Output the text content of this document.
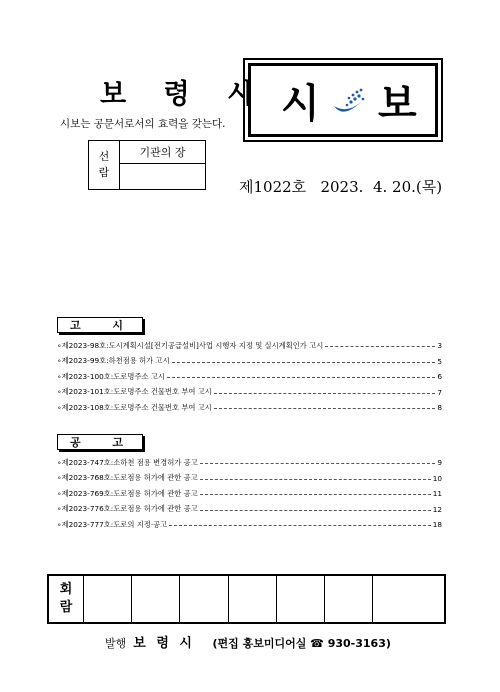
보 령 시
시보는 공문서로서의 효력을 갖는다. 시 보
선
람	기관의 장

제1022호 2023.  4. 20.(목)
고 시
∘제2023-98호:도시계획시설[전기공급설비]사업 시행자 지정 및 실시계획인가 고시	3
∘제2023-99호:하천점용 허가 고시	5
∘제2023-100호:도로명주소 고시	6
∘제2023-101호:도로명주소 건물번호 부여 고시	7
∘제2023-108호:도로명주소 건물번호 부여 고시	8
공 고
∘제2023-747호:소하천 점용 변경허가 공고	9
∘제2023-768호:도로점용 허가에 관한 공고	10
∘제2023-769호:도로점용 허가에 관한 공고	11
∘제2023-776호:도로점용 허가에 관한 공고	12
∘제2023-777호:도로의 지정·공고	18
회
람							
발행 보 령 시 (편집 홍보미디어실 ☎ 930-3163)
